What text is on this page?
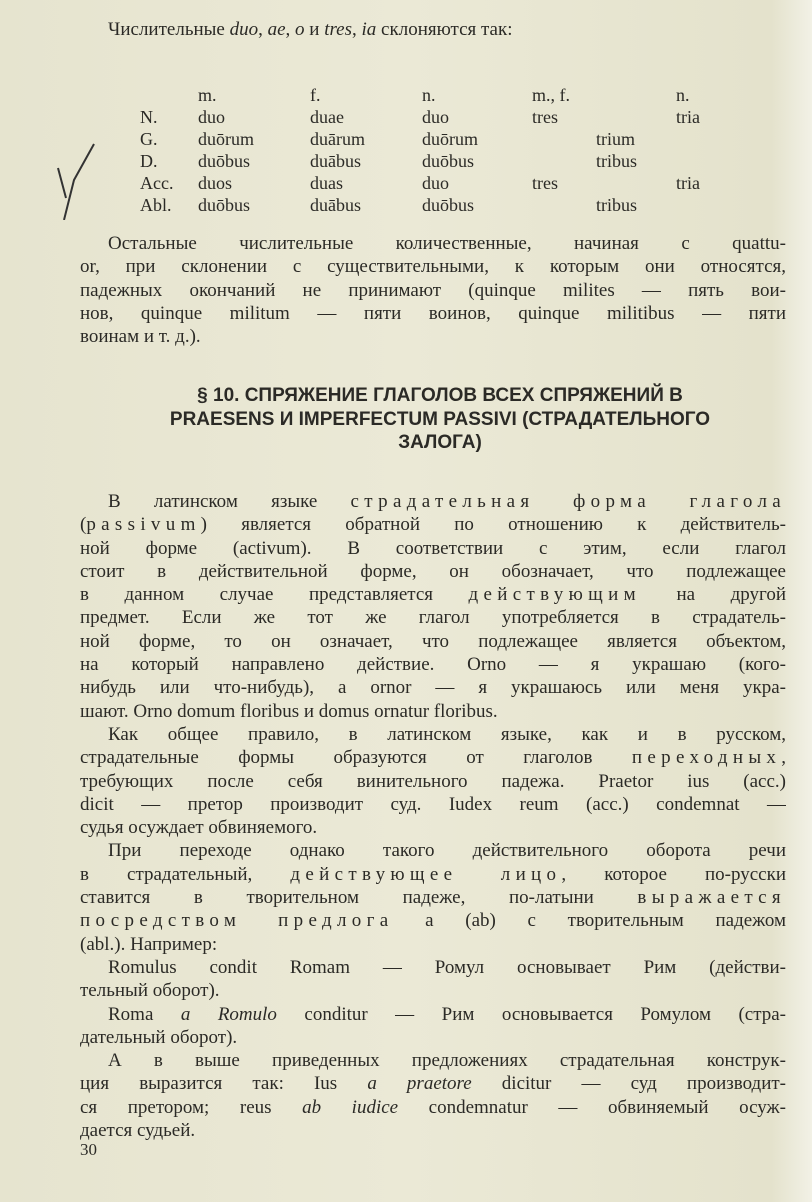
Числительные duo, ae, o и tres, ia склоняются так:
	m.	f.	n.	m., f.		n.
N.	duo	duae	duo	tres		tria
G.	duōrum	duārum	duōrum		trium	
D.	duōbus	duābus	duōbus		tribus	
Acc.	duos	duas	duo	tres		tria
Abl.	duōbus	duābus	duōbus		tribus	
Остальные числительные количественные, начиная с quattu-
or, при склонении с существительными, к которым они относятся,
падежных окончаний не принимают (quinque milites — пять вои-
нов, quinque militum — пяти воинов, quinque militibus — пяти
воинам и т. д.).
§ 10. СПРЯЖЕНИЕ ГЛАГОЛОВ ВСЕХ СПРЯЖЕНИЙ В
PRAESENS И IMPERFECTUM PASSIVI (СТРАДАТЕЛЬНОГО
ЗАЛОГА)
В латинском языке страдательная форма глагола
(passivum) является обратной по отношению к действитель-
ной форме (activum). В соответствии с этим, если глагол
стоит в действительной форме, он обозначает, что подлежащее
в данном случае представляется действующим на другой
предмет. Если же тот же глагол употребляется в страдатель-
ной форме, то он означает, что подлежащее является объектом,
на который направлено действие. Orno — я украшаю (кого-
нибудь или что-нибудь), a ornor — я украшаюсь или меня укра-
шают. Orno domum floribus и domus ornatur floribus.
Как общее правило, в латинском языке, как и в русском,
страдательные формы образуются от глаголов переходных,
требующих после себя винительного падежа. Praetor ius (acc.)
dicit — претор производит суд. Iudex reum (acc.) condemnat —
судья осуждает обвиняемого.
При переходе однако такого действительного оборота речи
в страдательный, действующее лицо, которое по-русски
ставится в творительном падеже, по-латыни выражается
посредством предлога a (ab) с творительным падежом
(abl.). Например:
Romulus condit Romam — Ромул основывает Рим (действи-
тельный оборот).
Roma a Romulo conditur — Рим основывается Ромулом (стра-
дательный оборот).
А в выше приведенных предложениях страдательная конструк-
ция выразится так: Ius a praetore dicitur — суд производит-
ся претором; reus ab iudice condemnatur — обвиняемый осуж-
дается судьей.
30
